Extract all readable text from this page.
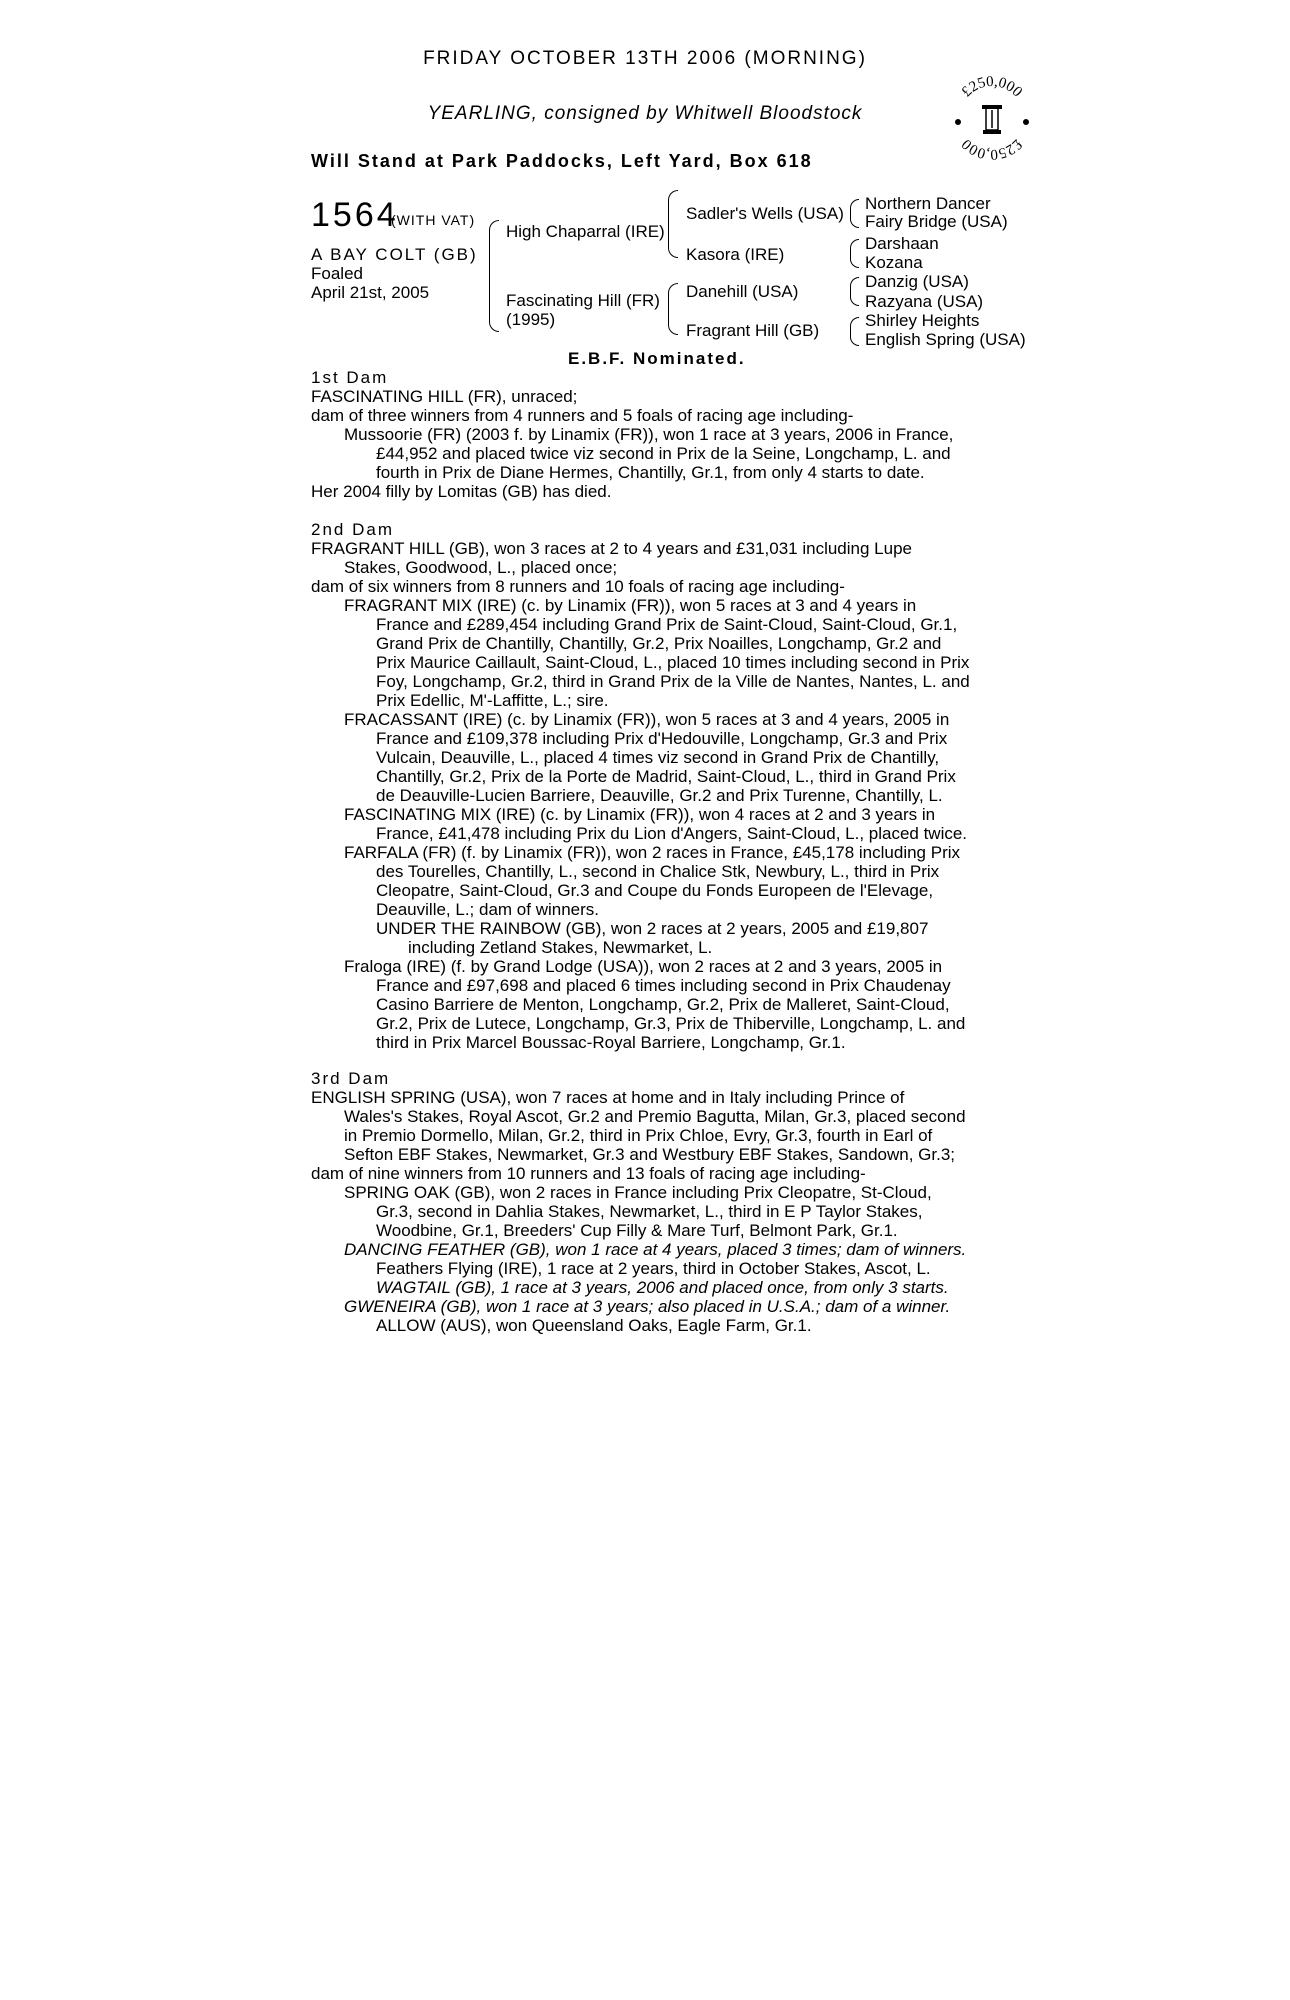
FRIDAY OCTOBER 13TH 2006 (MORNING)
YEARLING, consigned by Whitwell Bloodstock
Will Stand at Park Paddocks, Left Yard, Box 618
£250,000
£250,000
1564
(WITH VAT)
A BAY COLT (GB)
Foaled
April 21st, 2005
High Chaparral (IRE)
Fascinating Hill (FR)
(1995)
Sadler's Wells (USA)
Kasora (IRE)
Danehill (USA)
Fragrant Hill (GB)
Northern Dancer
Fairy Bridge (USA)
Darshaan
Kozana
Danzig (USA)
Razyana (USA)
Shirley Heights
English Spring (USA)
E.B.F. Nominated.
1st Dam
FASCINATING HILL (FR), unraced;
dam of three winners from 4 runners and 5 foals of racing age including-
Mussoorie (FR) (2003 f. by Linamix (FR)), won 1 race at 3 years, 2006 in France,
£44,952 and placed twice viz second in Prix de la Seine, Longchamp, L. and
fourth in Prix de Diane Hermes, Chantilly, Gr.1, from only 4 starts to date.
Her 2004 filly by Lomitas (GB) has died.
2nd Dam
FRAGRANT HILL (GB), won 3 races at 2 to 4 years and £31,031 including Lupe
Stakes, Goodwood, L., placed once;
dam of six winners from 8 runners and 10 foals of racing age including-
FRAGRANT MIX (IRE) (c. by Linamix (FR)), won 5 races at 3 and 4 years in
France and £289,454 including Grand Prix de Saint-Cloud, Saint-Cloud, Gr.1,
Grand Prix de Chantilly, Chantilly, Gr.2, Prix Noailles, Longchamp, Gr.2 and
Prix Maurice Caillault, Saint-Cloud, L., placed 10 times including second in Prix
Foy, Longchamp, Gr.2, third in Grand Prix de la Ville de Nantes, Nantes, L. and
Prix Edellic, M'-Laffitte, L.; sire.
FRACASSANT (IRE) (c. by Linamix (FR)), won 5 races at 3 and 4 years, 2005 in
France and £109,378 including Prix d'Hedouville, Longchamp, Gr.3 and Prix
Vulcain, Deauville, L., placed 4 times viz second in Grand Prix de Chantilly,
Chantilly, Gr.2, Prix de la Porte de Madrid, Saint-Cloud, L., third in Grand Prix
de Deauville-Lucien Barriere, Deauville, Gr.2 and Prix Turenne, Chantilly, L.
FASCINATING MIX (IRE) (c. by Linamix (FR)), won 4 races at 2 and 3 years in
France, £41,478 including Prix du Lion d'Angers, Saint-Cloud, L., placed twice.
FARFALA (FR) (f. by Linamix (FR)), won 2 races in France, £45,178 including Prix
des Tourelles, Chantilly, L., second in Chalice Stk, Newbury, L., third in Prix
Cleopatre, Saint-Cloud, Gr.3 and Coupe du Fonds Europeen de l'Elevage,
Deauville, L.; dam of winners.
UNDER THE RAINBOW (GB), won 2 races at 2 years, 2005 and £19,807
including Zetland Stakes, Newmarket, L.
Fraloga (IRE) (f. by Grand Lodge (USA)), won 2 races at 2 and 3 years, 2005 in
France and £97,698 and placed 6 times including second in Prix Chaudenay
Casino Barriere de Menton, Longchamp, Gr.2, Prix de Malleret, Saint-Cloud,
Gr.2, Prix de Lutece, Longchamp, Gr.3, Prix de Thiberville, Longchamp, L. and
third in Prix Marcel Boussac-Royal Barriere, Longchamp, Gr.1.
3rd Dam
ENGLISH SPRING (USA), won 7 races at home and in Italy including Prince of
Wales's Stakes, Royal Ascot, Gr.2 and Premio Bagutta, Milan, Gr.3, placed second
in Premio Dormello, Milan, Gr.2, third in Prix Chloe, Evry, Gr.3, fourth in Earl of
Sefton EBF Stakes, Newmarket, Gr.3 and Westbury EBF Stakes, Sandown, Gr.3;
dam of nine winners from 10 runners and 13 foals of racing age including-
SPRING OAK (GB), won 2 races in France including Prix Cleopatre, St-Cloud,
Gr.3, second in Dahlia Stakes, Newmarket, L., third in E P Taylor Stakes,
Woodbine, Gr.1, Breeders' Cup Filly & Mare Turf, Belmont Park, Gr.1.
DANCING FEATHER (GB), won 1 race at 4 years, placed 3 times; dam of winners.
Feathers Flying (IRE), 1 race at 2 years, third in October Stakes, Ascot, L.
WAGTAIL (GB), 1 race at 3 years, 2006 and placed once, from only 3 starts.
GWENEIRA (GB), won 1 race at 3 years; also placed in U.S.A.; dam of a winner.
ALLOW (AUS), won Queensland Oaks, Eagle Farm, Gr.1.
